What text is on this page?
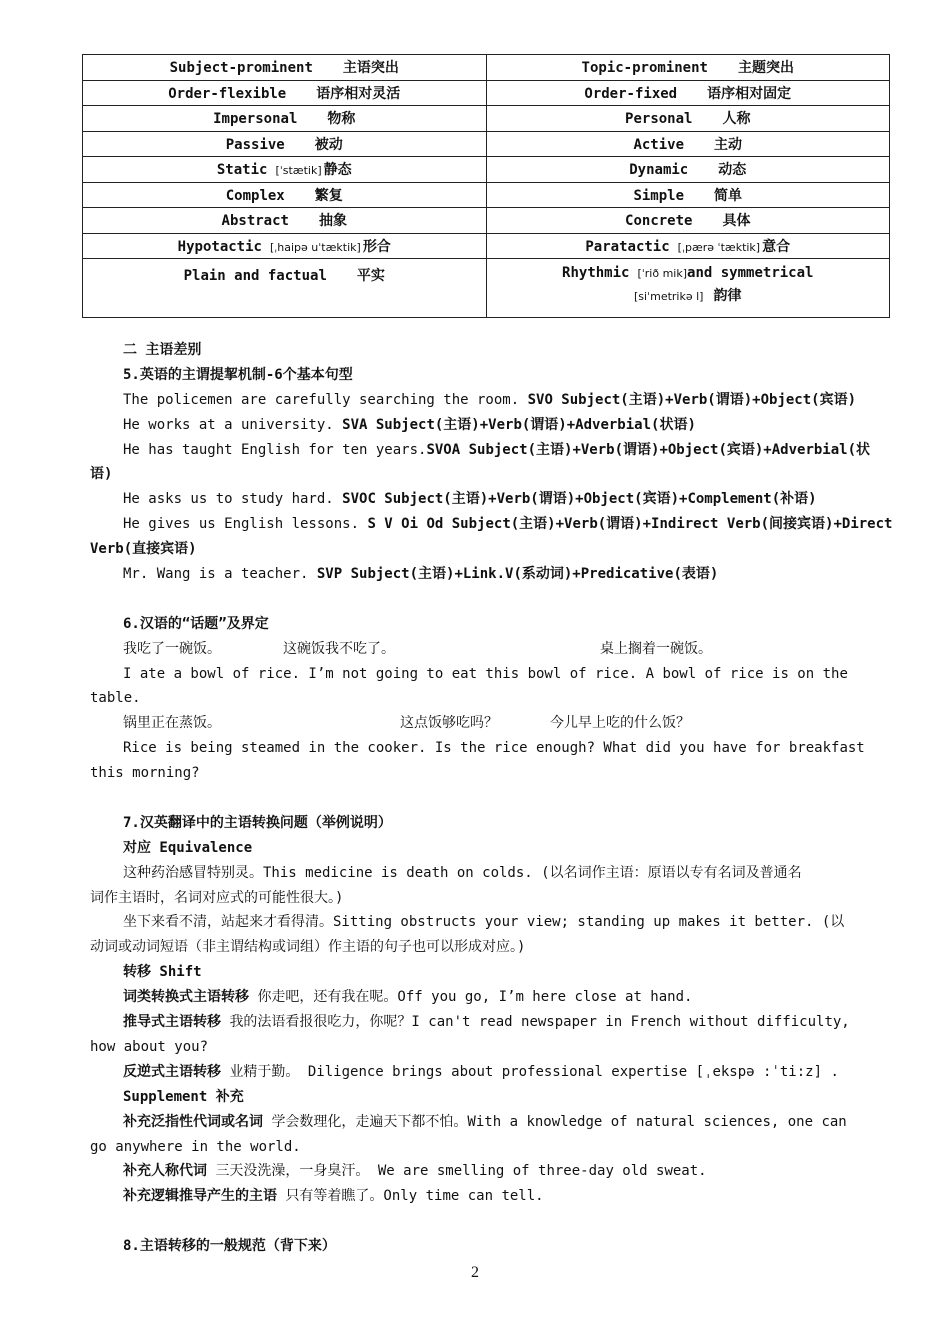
Subject-prominent 主语突出	Topic-prominent 主题突出
Order-flexible 语序相对灵活	Order-fixed 语序相对固定
Impersonal 物称	Personal 人称
Passive 被动	Active 主动
Static [ˈstætik] 静态	Dynamic 动态
Complex 繁复	Simple 简单
Abstract 抽象	Concrete 具体
Hypotactic [ˌhaipə uˈtæktik] 形合	Paratactic [ˌpærə ˈtæktik] 意合
Plain and factual 平实	Rhythmic [ˈrið mik]and symmetrical
[siˈmetrikə l] 韵律
二 主语差别
5.英语的主谓提挈机制-6个基本句型
The policemen are carefully searching the room. SVO Subject(主语)+Verb(谓语)+Object(宾语)
He works at a university. SVA Subject(主语)+Verb(谓语)+Adverbial(状语)
He has taught English for ten years.SVOA Subject(主语)+Verb(谓语)+Object(宾语)+Adverbial(状
语)
He asks us to study hard. SVOC Subject(主语)+Verb(谓语)+Object(宾语)+Complement(补语)
He gives us English lessons. S V Oi Od Subject(主语)+Verb(谓语)+Indirect Verb(间接宾语)+Direct
Verb(直接宾语)
Mr. Wang is a teacher. SVP Subject(主语)+Link.V(系动词)+Predicative(表语)
6.汉语的“话题”及界定
我吃了一碗饭。	这碗饭我不吃了。	桌上搁着一碗饭。
I ate a bowl of rice. I’m not going to eat this bowl of rice. A bowl of rice is on the
table.
锅里正在蒸饭。	这点饭够吃吗？	今儿早上吃的什么饭？
Rice is being steamed in the cooker. Is the rice enough? What did you have for breakfast
this morning?
7.汉英翻译中的主语转换问题（举例说明）
对应 Equivalence
这种药治感冒特别灵。This medicine is death on colds. (以名词作主语：原语以专有名词及普通名
词作主语时，名词对应式的可能性很大。)
坐下来看不清，站起来才看得清。Sitting obstructs your view; standing up makes it better. (以
动词或动词短语（非主谓结构或词组）作主语的句子也可以形成对应。)
转移 Shift
词类转换式主语转移 你走吧，还有我在呢。Off you go, I’m here close at hand.
推导式主语转移 我的法语看报很吃力，你呢？I can't read newspaper in French without difficulty,
how about you?
反逆式主语转移 业精于勤。 Diligence brings about professional expertise [ˌekspə :ˈti:z] .
Supplement 补充
补充泛指性代词或名词 学会数理化，走遍天下都不怕。With a knowledge of natural sciences, one can
go anywhere in the world.
补充人称代词 三天没洗澡，一身臭汗。 We are smelling of three-day old sweat.
补充逻辑推导产生的主语 只有等着瞧了。Only time can tell.
8.主语转移的一般规范（背下来）
2
